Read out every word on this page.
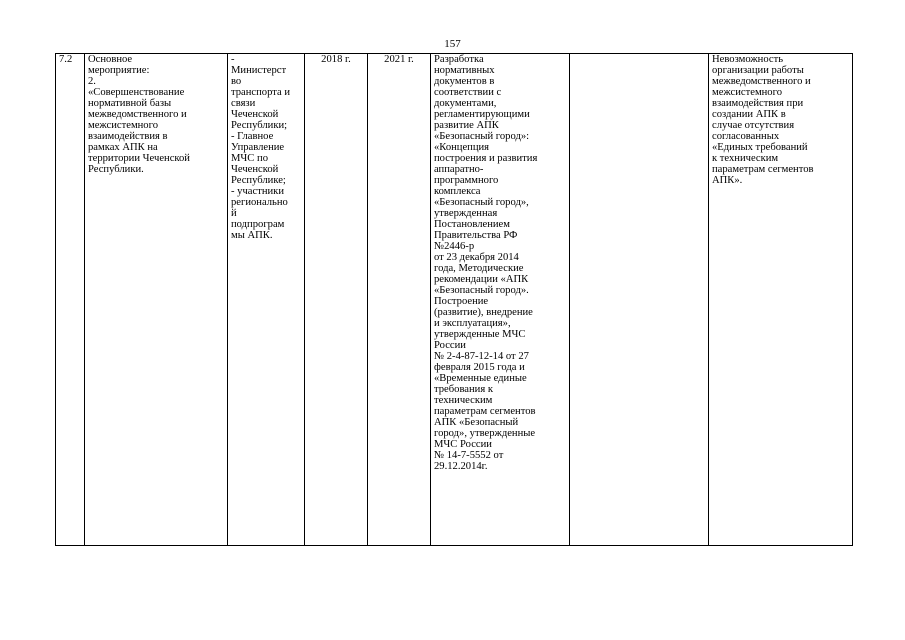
157
7.2	Основное
мероприятие:
2.
«Совершенствование
нормативной базы
межведомственного и
межсистемного
взаимодействия в
рамках АПК на
территории Чеченской
Республики.	-
Министерст
во
транспорта и
связи
Чеченской
Республики;
- Главное
Управление
МЧС по
Чеченской
Республике;
- участники
регионально
й
подпрограм
мы АПК.	2018 г.	2021 г.	Разработка
нормативных
документов в
соответствии с
документами,
регламентирующими
развитие АПК
«Безопасный город»:
«Концепция
построения и развития
аппаратно-
программного
комплекса
«Безопасный город»,
утвержденная
Постановлением
Правительства РФ
№2446-р
от 23 декабря 2014
года, Методические
рекомендации «АПК
«Безопасный город».
Построение
(развитие), внедрение
и эксплуатация»,
утвержденные МЧС
России
№ 2-4-87-12-14 от 27
февраля 2015 года и
«Временные единые
требования к
техническим
параметрам сегментов
АПК «Безопасный
город», утвержденные
МЧС России
№ 14-7-5552 от
29.12.2014г.		Невозможность
организации работы
межведомственного и
межсистемного
взаимодействия при
создании АПК в
случае отсутствия
согласованных
«Единых требований
к техническим
параметрам сегментов
АПК».
